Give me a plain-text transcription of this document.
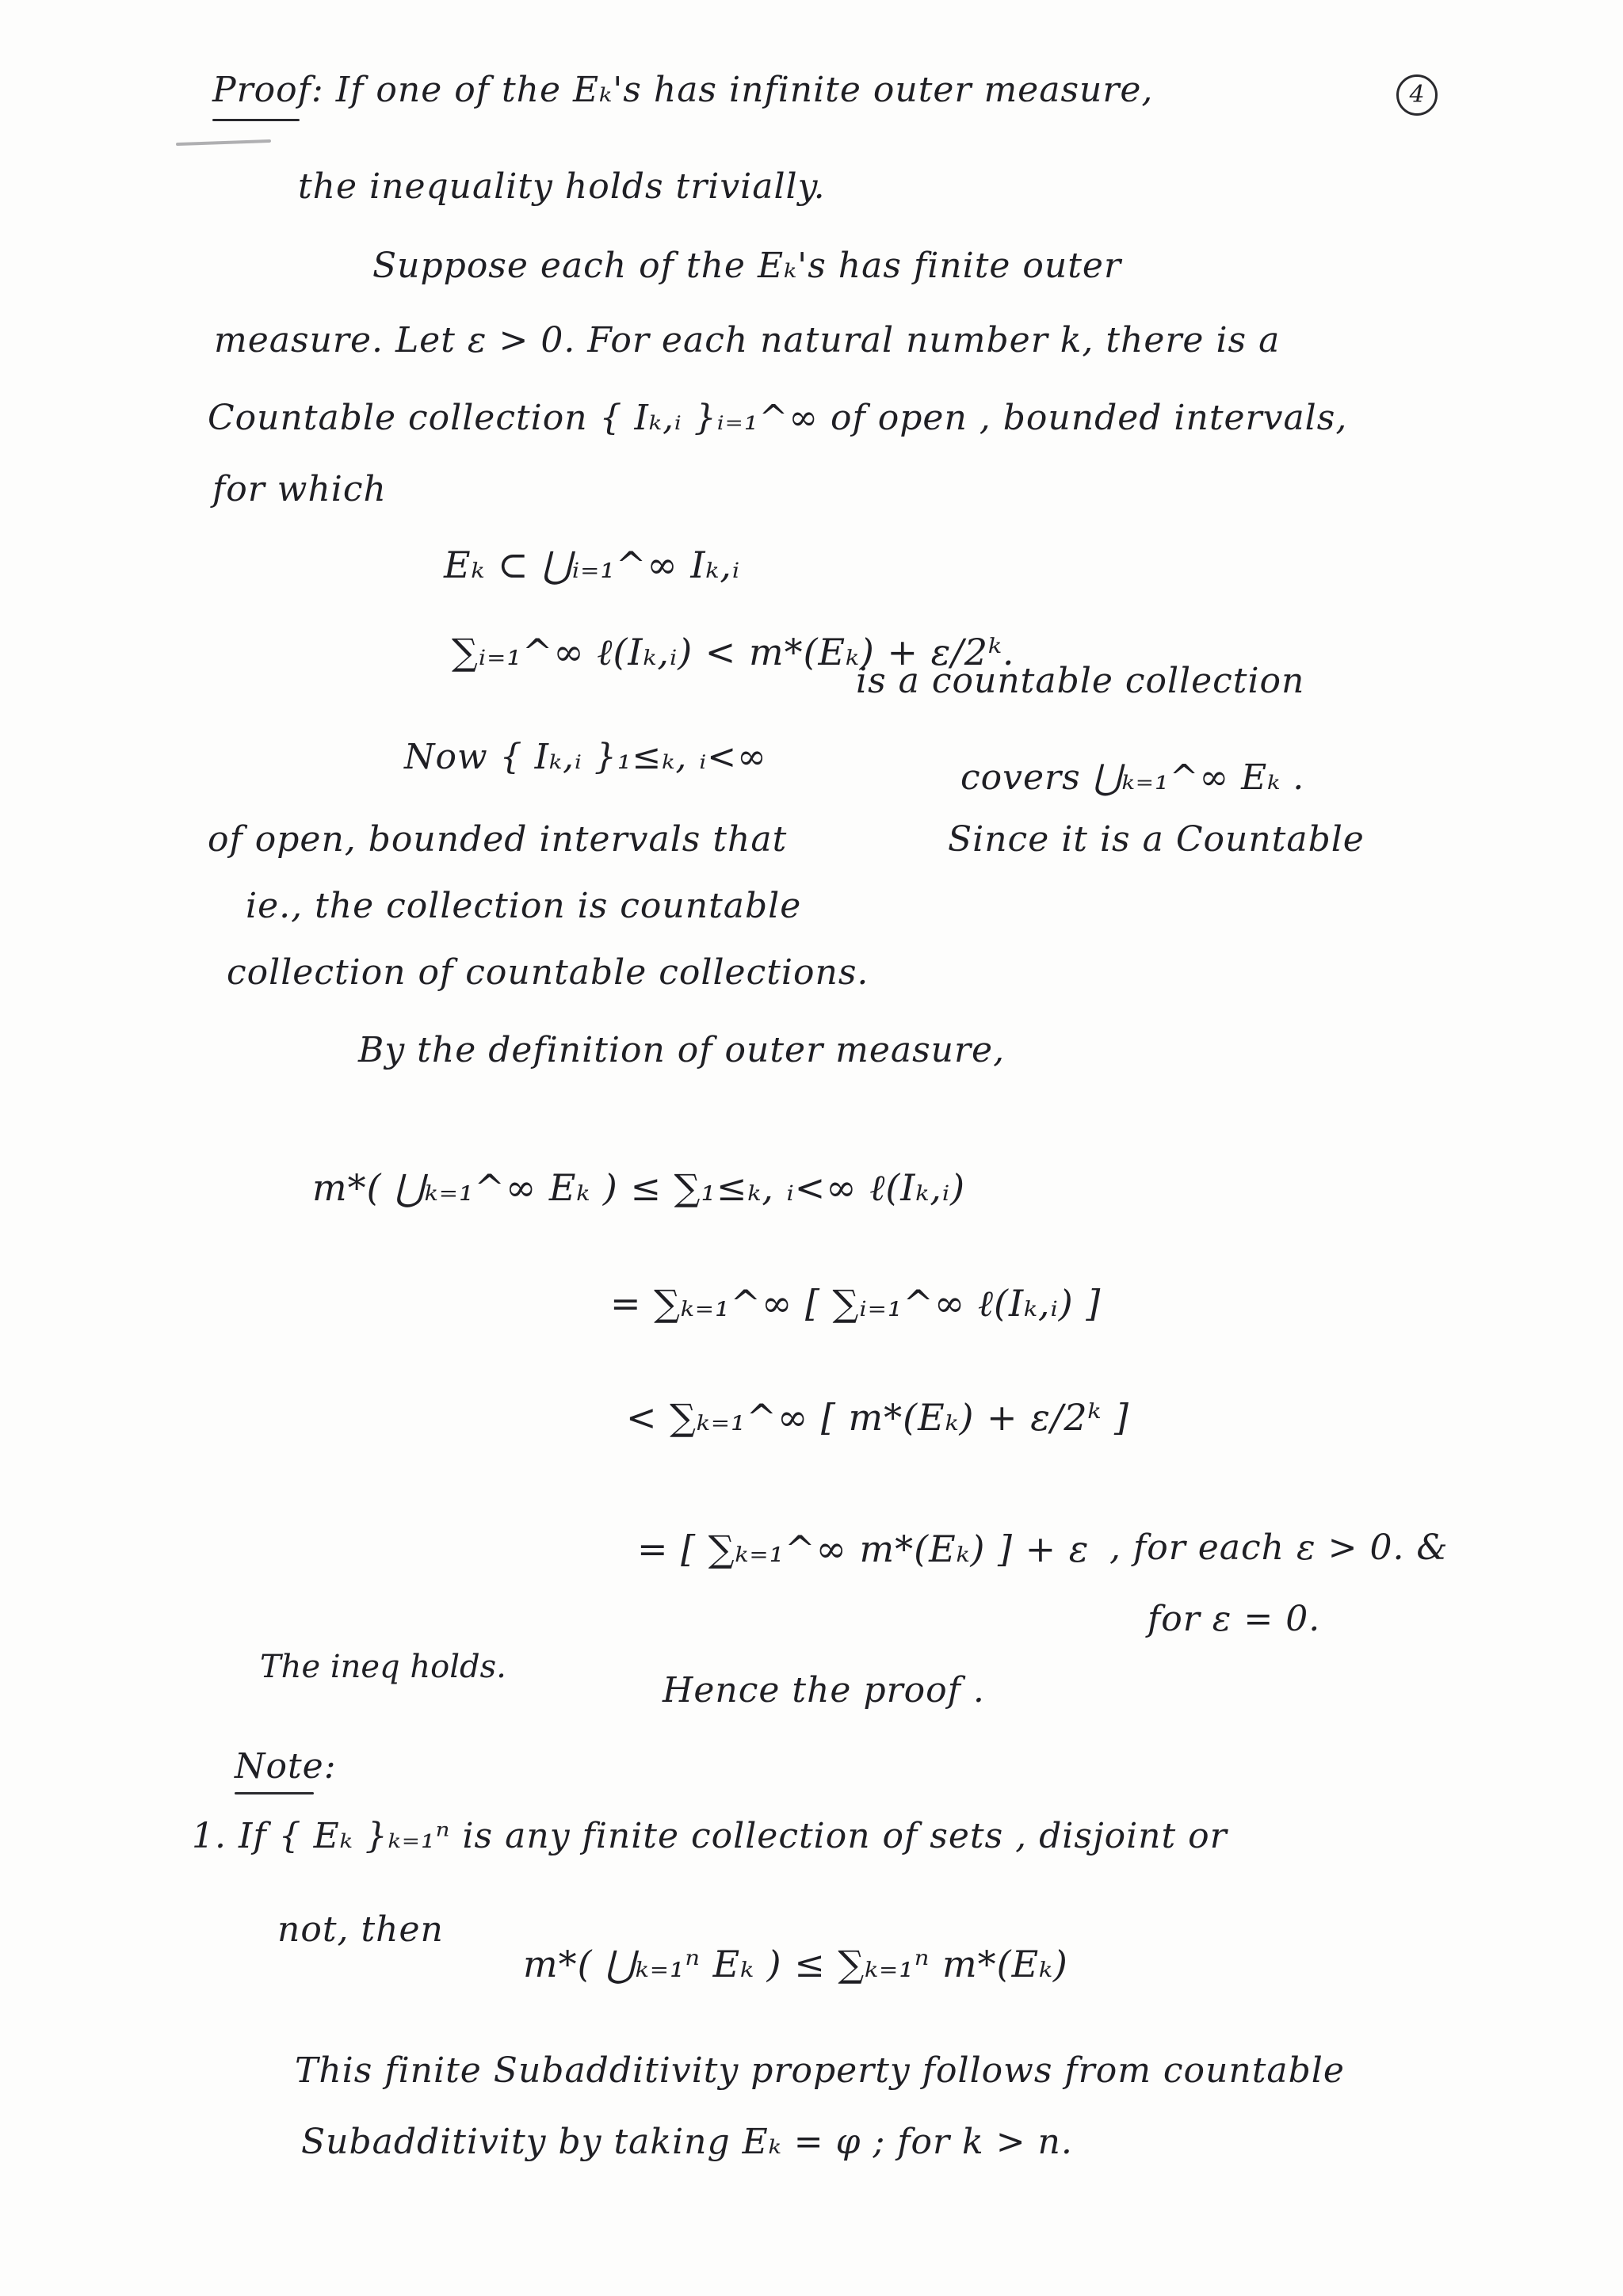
4
Proof: If one of the Eₖ's has infinite outer measure,
the inequality holds trivially.
Suppose each of the Eₖ's has finite outer
measure. Let ε > 0. For each natural number k, there is a
Countable collection { Iₖ,ᵢ }ᵢ₌₁^∞ of open , bounded intervals,
for which
Eₖ ⊂ ⋃ᵢ₌₁^∞ Iₖ,ᵢ
∑ᵢ₌₁^∞ ℓ(Iₖ,ᵢ) < m*(Eₖ) + ε/2ᵏ.
is a countable collection
Now { Iₖ,ᵢ }₁≤ₖ, ᵢ<∞
covers ⋃ₖ₌₁^∞ Eₖ .
of open, bounded intervals that	Since it is a Countable
ie., the collection is countable
collection of countable collections.
By the definition of outer measure,
m*( ⋃ₖ₌₁^∞ Eₖ ) ≤ ∑₁≤ₖ, ᵢ<∞ ℓ(Iₖ,ᵢ)
= ∑ₖ₌₁^∞ [ ∑ᵢ₌₁^∞ ℓ(Iₖ,ᵢ) ]
< ∑ₖ₌₁^∞ [ m*(Eₖ) + ε/2ᵏ ]
= [ ∑ₖ₌₁^∞ m*(Eₖ) ] + ε , for each ε > 0. &
for ε = 0.
The ineq holds.
Hence the proof .
Note:
1. If { Eₖ }ₖ₌₁ⁿ is any finite collection of sets , disjoint or
not, then
m*( ⋃ₖ₌₁ⁿ Eₖ ) ≤ ∑ₖ₌₁ⁿ m*(Eₖ)
This finite Subadditivity property follows from countable
Subadditivity by taking Eₖ = φ ; for k > n.
